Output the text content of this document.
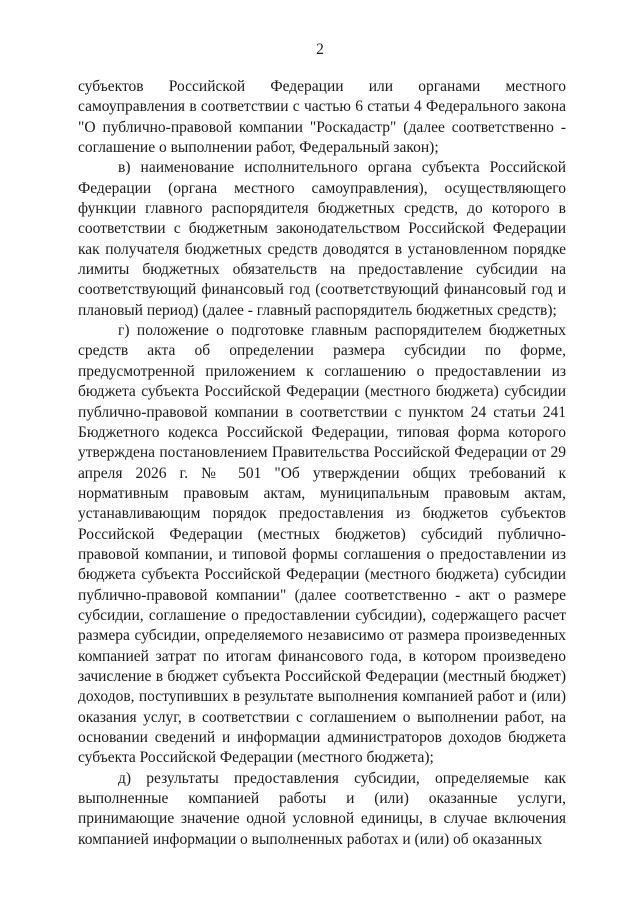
2

субъектов Российской Федерации или органами местного самоуправления в соответствии с частью 6 статьи 4 Федерального закона "О публично-правовой компании "Роскадастр" (далее соответственно - соглашение о выполнении работ, Федеральный закон);

в) наименование исполнительного органа субъекта Российской Федерации (органа местного самоуправления), осуществляющего функции главного распорядителя бюджетных средств, до которого в соответствии с бюджетным законодательством Российской Федерации как получателя бюджетных средств доводятся в установленном порядке лимиты бюджетных обязательств на предоставление субсидии на соответствующий финансовый год (соответствующий финансовый год и плановый период) (далее - главный распорядитель бюджетных средств);

г) положение о подготовке главным распорядителем бюджетных средств акта об определении размера субсидии по форме, предусмотренной приложением к соглашению о предоставлении из бюджета субъекта Российской Федерации (местного бюджета) субсидии публично-правовой компании в соответствии с пунктом 24 статьи 241 Бюджетного кодекса Российской Федерации, типовая форма которого утверждена постановлением Правительства Российской Федерации от 29 апреля 2026 г. № 501 "Об утверждении общих требований к нормативным правовым актам, муниципальным правовым актам, устанавливающим порядок предоставления из бюджетов субъектов Российской Федерации (местных бюджетов) субсидий публично-правовой компании, и типовой формы соглашения о предоставлении из бюджета субъекта Российской Федерации (местного бюджета) субсидии публично-правовой компании" (далее соответственно - акт о размере субсидии, соглашение о предоставлении субсидии), содержащего расчет размера субсидии, определяемого независимо от размера произведенных компанией затрат по итогам финансового года, в котором произведено зачисление в бюджет субъекта Российской Федерации (местный бюджет) доходов, поступивших в результате выполнения компанией работ и (или) оказания услуг, в соответствии с соглашением о выполнении работ, на основании сведений и информации администраторов доходов бюджета субъекта Российской Федерации (местного бюджета);

д) результаты предоставления субсидии, определяемые как выполненные компанией работы и (или) оказанные услуги, принимающие значение одной условной единицы, в случае включения компанией информации о выполненных работах и (или) об оказанных
